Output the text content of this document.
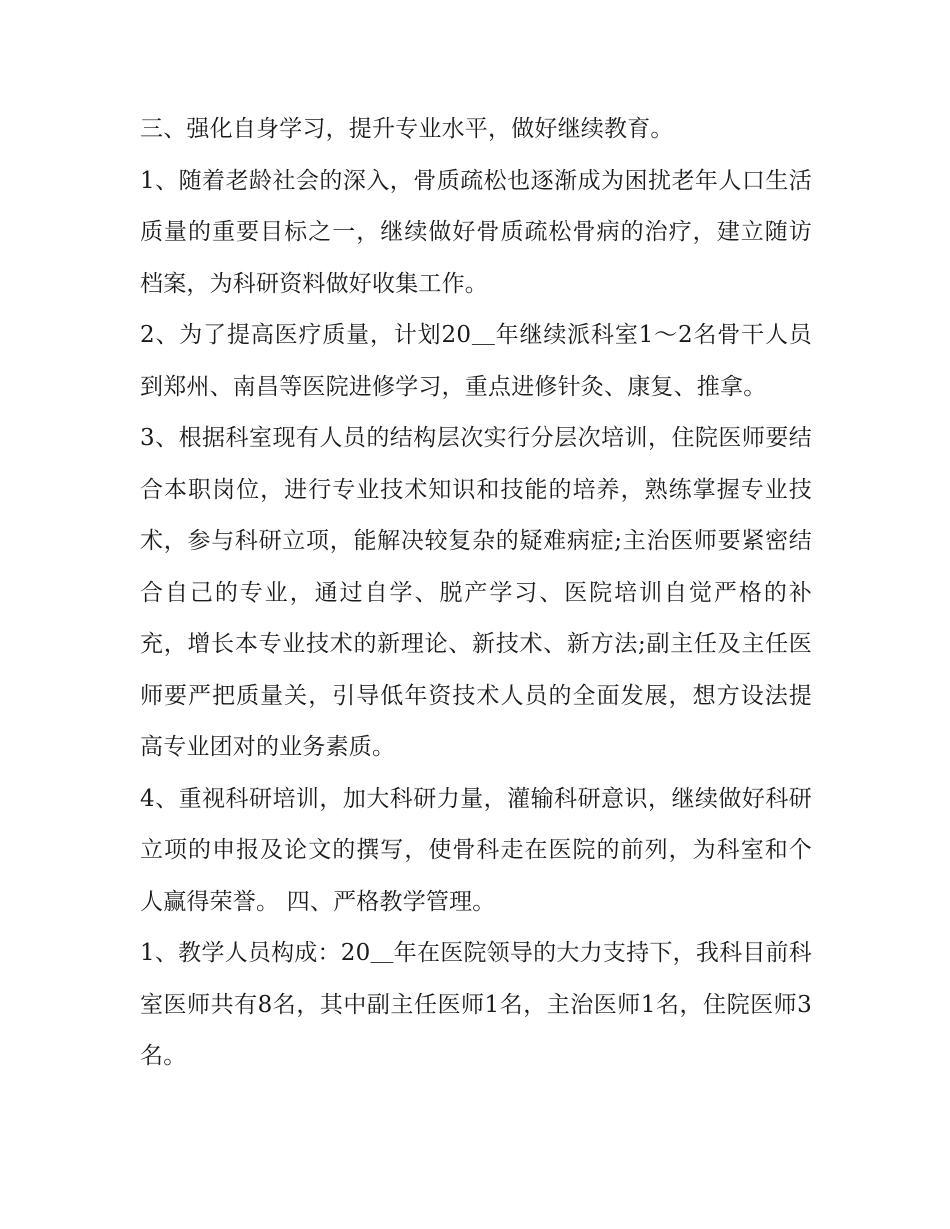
三、强化自身学习，提升专业水平，做好继续教育。

1、随着老龄社会的深入，骨质疏松也逐渐成为困扰老年人口生活质量的重要目标之一，继续做好骨质疏松骨病的治疗，建立随访档案，为科研资料做好收集工作。

2、为了提高医疗质量，计划20＿年继续派科室1～2名骨干人员到郑州、南昌等医院进修学习，重点进修针灸、康复、推拿。

3、根据科室现有人员的结构层次实行分层次培训，住院医师要结合本职岗位，进行专业技术知识和技能的培养，熟练掌握专业技术，参与科研立项，能解决较复杂的疑难病症;主治医师要紧密结合自己的专业，通过自学、脱产学习、医院培训自觉严格的补充，增长本专业技术的新理论、新技术、新方法;副主任及主任医师要严把质量关，引导低年资技术人员的全面发展，想方设法提高专业团对的业务素质。

4、重视科研培训，加大科研力量，灌输科研意识，继续做好科研立项的申报及论文的撰写，使骨科走在医院的前列，为科室和个人赢得荣誉。 四、严格教学管理。

1、教学人员构成：20＿年在医院领导的大力支持下，我科目前科室医师共有8名，其中副主任医师1名，主治医师1名，住院医师3名。
